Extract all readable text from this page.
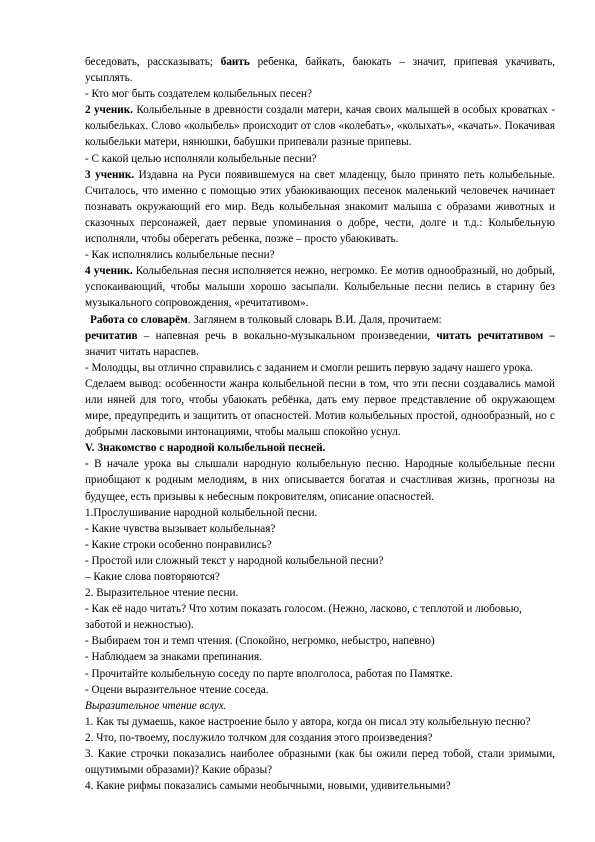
беседовать, рассказывать; баить ребенка, байкать, баюкать – значит, припевая укачивать, усыплять.

- Кто мог быть создателем колыбельных песен?

2 ученик. Колыбельные в древности создали матери, качая своих малышей в особых кроватках - колыбельках. Слово «колыбель» происходит от слов «колебать», «колыхать», «качать». Покачивая колыбельки матери, нянюшки, бабушки припевали разные припевы.

- С какой целью исполняли колыбельные песни?

3 ученик. Издавна на Руси появившемуся на свет младенцу, было принято петь колыбельные. Считалось, что именно с помощью этих убаюкивающих песенок маленький человечек начинает познавать окружающий его мир. Ведь колыбельная знакомит малыша с образами животных и сказочных персонажей, дает первые упоминания о добре, чести, долге и т.д.: Колыбельную исполняли, чтобы оберегать ребенка, позже – просто убаюкивать.

- Как исполнялись колыбельные песни?

4 ученик. Колыбельная песня исполняется нежно, негромко. Ее мотив однообразный, но добрый, успокаивающий, чтобы малыши хорошо засыпали. Колыбельные песни пелись в старину без музыкального сопровождения, «речитативом».

Работа со словарём. Заглянем в толковый словарь В.И. Даля, прочитаем:

речитатив – напевная речь в вокально-музыкальном произведении, читать речитативом – значит читать нараспев.

- Молодцы, вы отлично справились с заданием и смогли решить первую задачу нашего урока.

Сделаем вывод: особенности жанра колыбельной песни в том, что эти песни создавались мамой или няней для того, чтобы убаюкать ребёнка, дать ему первое представление об окружающем мире, предупредить и защитить от опасностей. Мотив колыбельных простой, однообразный, но с добрыми ласковыми интонациями, чтобы малыш спокойно уснул.

V. Знакомство с народной колыбельной песней.

- В начале урока вы слышали народную колыбельную песню. Народные колыбельные песни приобщают к родным мелодиям, в них описывается богатая и счастливая жизнь, прогнозы на будущее, есть призывы к небесным покровителям, описание опасностей.

1.Прослушивание народной колыбельной песни.

- Какие чувства вызывает колыбельная?

- Какие строки особенно понравились?

- Простой или сложный текст у народной колыбельной песни?

– Какие слова повторяются?

2. Выразительное чтение песни.

- Как её надо читать? Что хотим показать голосом. (Нежно, ласково, с теплотой и любовью, заботой и нежностью).

- Выбираем тон и темп чтения. (Спокойно, негромко, небыстро, напевно)

- Наблюдаем за знаками препинания.

- Прочитайте колыбельную соседу по парте вполголоса, работая по Памятке.

- Оцени выразительное чтение соседа.

Выразительное чтение вслух.

1. Как ты думаешь, какое настроение было у автора, когда он писал эту колыбельную песню?

2. Что, по-твоему, послужило толчком для создания этого произведения?

3. Какие строчки показались наиболее образными (как бы ожили перед тобой, стали зримыми, ощутимыми образами)? Какие образы?

4. Какие рифмы показались самыми необычными, новыми, удивительными?
